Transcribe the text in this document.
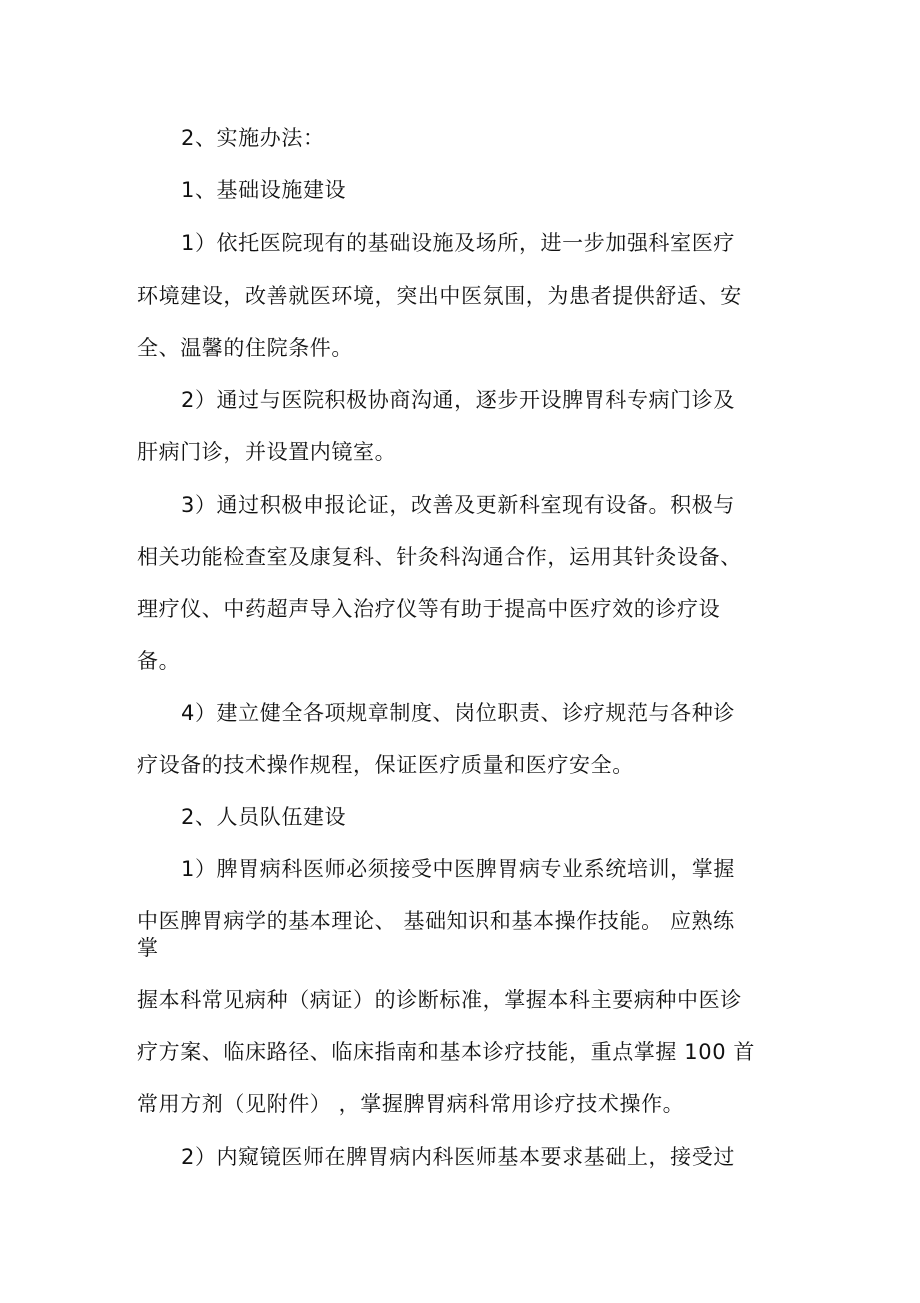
2、实施办法：

1、基础设施建设

1）依托医院现有的基础设施及场所，进一步加强科室医疗

环境建设，改善就医环境，突出中医氛围，为患者提供舒适、安

全、温馨的住院条件。

2）通过与医院积极协商沟通，逐步开设脾胃科专病门诊及

肝病门诊，并设置内镜室。

3）通过积极申报论证，改善及更新科室现有设备。积极与

相关功能检查室及康复科、针灸科沟通合作，运用其针灸设备、

理疗仪、中药超声导入治疗仪等有助于提高中医疗效的诊疗设

备。

4）建立健全各项规章制度、岗位职责、诊疗规范与各种诊

疗设备的技术操作规程，保证医疗质量和医疗安全。

2、人员队伍建设

1）脾胃病科医师必须接受中医脾胃病专业系统培训，掌握

中医脾胃病学的基本理论、 基础知识和基本操作技能。 应熟练

掌

握本科常见病种（病证）的诊断标准，掌握本科主要病种中医诊

疗方案、临床路径、临床指南和基本诊疗技能，重点掌握 100 首

常用方剂（见附件） ，掌握脾胃病科常用诊疗技术操作。

2）内窥镜医师在脾胃病内科医师基本要求基础上，接受过
